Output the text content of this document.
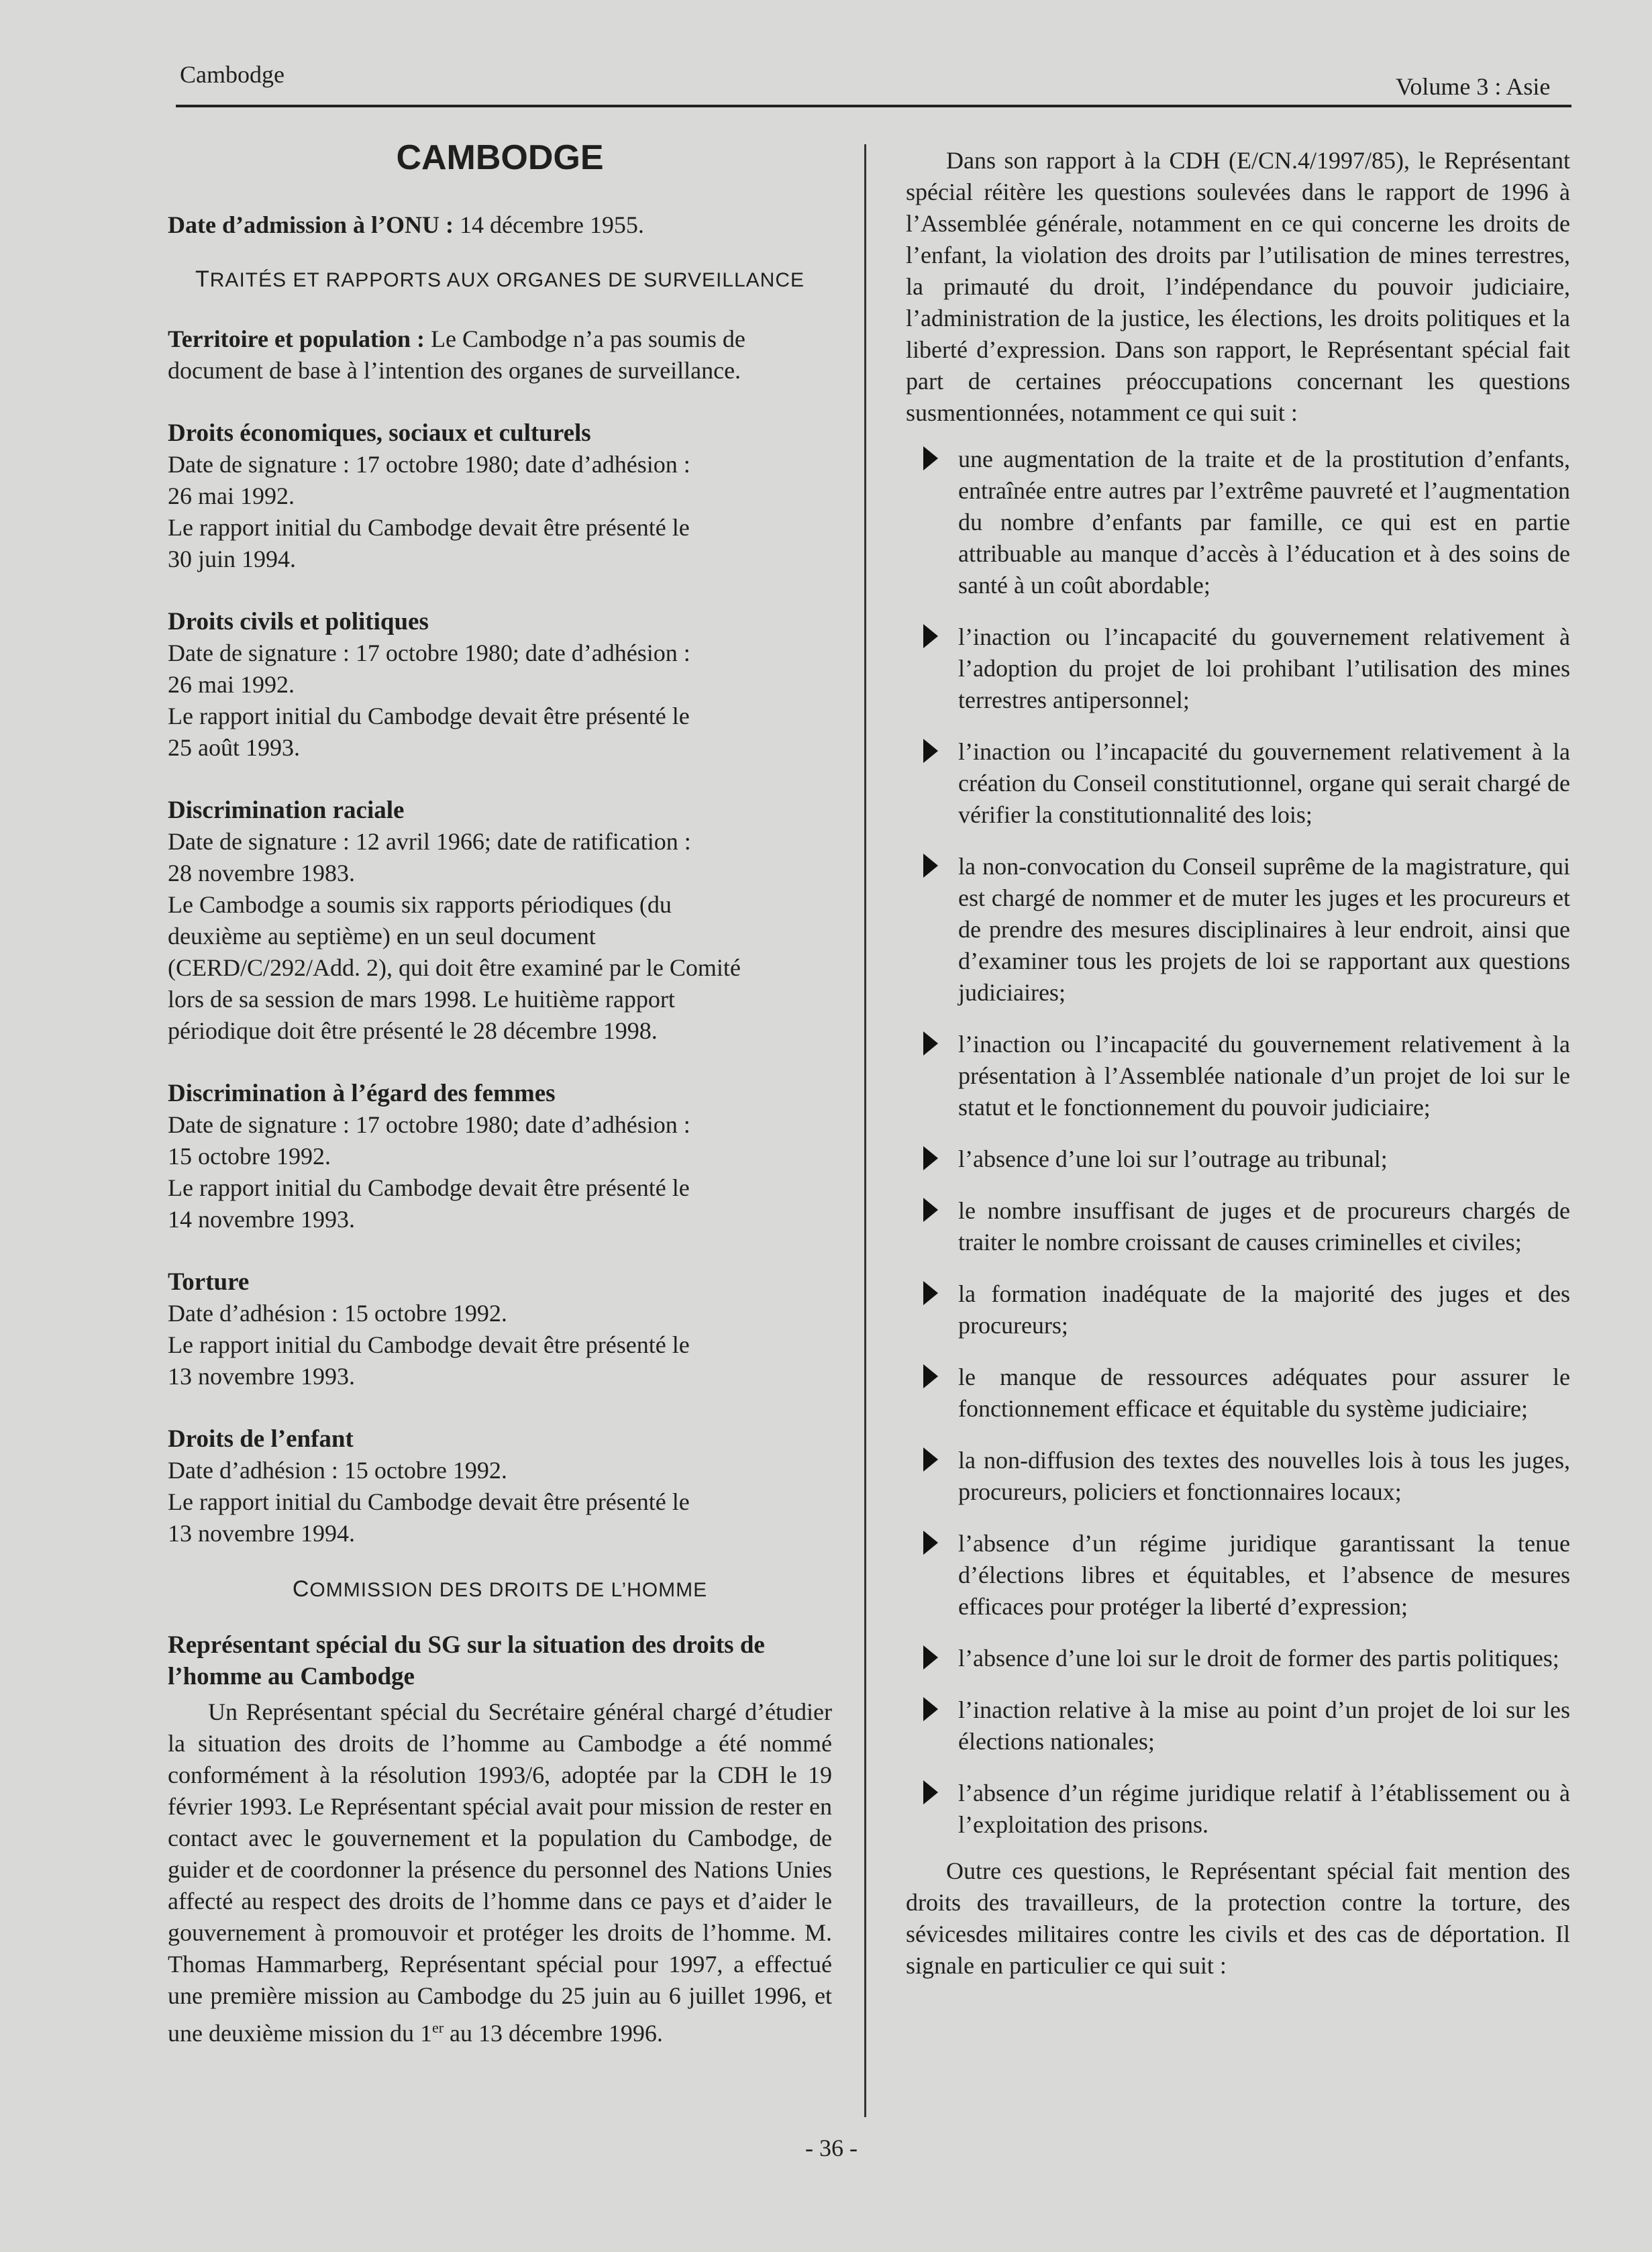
Cambodge	Volume 3 : Asie
CAMBODGE

Date d’admission à l’ONU : 14 décembre 1955.

TRAITÉS ET RAPPORTS AUX ORGANES DE SURVEILLANCE

Territoire et population : Le Cambodge n’a pas soumis de document de base à l’intention des organes de surveillance.

Droits économiques, sociaux et culturels
Date de signature : 17 octobre 1980; date d’adhésion :
26 mai 1992.
Le rapport initial du Cambodge devait être présenté le
30 juin 1994.
Droits civils et politiques
Date de signature : 17 octobre 1980; date d’adhésion :
26 mai 1992.
Le rapport initial du Cambodge devait être présenté le
25 août 1993.
Discrimination raciale
Date de signature : 12 avril 1966; date de ratification :
28 novembre 1983.
Le Cambodge a soumis six rapports périodiques (du
deuxième au septième) en un seul document
(CERD/C/292/Add. 2), qui doit être examiné par le Comité
lors de sa session de mars 1998. Le huitième rapport
périodique doit être présenté le 28 décembre 1998.
Discrimination à l’égard des femmes
Date de signature : 17 octobre 1980; date d’adhésion :
15 octobre 1992.
Le rapport initial du Cambodge devait être présenté le
14 novembre 1993.
Torture
Date d’adhésion : 15 octobre 1992.
Le rapport initial du Cambodge devait être présenté le
13 novembre 1993.
Droits de l’enfant
Date d’adhésion : 15 octobre 1992.
Le rapport initial du Cambodge devait être présenté le
13 novembre 1994.
COMMISSION DES DROITS DE L’HOMME
Représentant spécial du SG sur la situation des droits de l’homme au Cambodge

Un Représentant spécial du Secrétaire général chargé d’étudier la situation des droits de l’homme au Cambodge a été nommé conformément à la résolution 1993/6, adoptée par la CDH le 19 février 1993. Le Représentant spécial avait pour mission de rester en contact avec le gouvernement et la population du Cambodge, de guider et de coordonner la présence du personnel des Nations Unies affecté au respect des droits de l’homme dans ce pays et d’aider le gouvernement à promouvoir et protéger les droits de l’homme. M. Thomas Hammarberg, Représentant spécial pour 1997, a effectué une première mission au Cambodge du 25 juin au 6 juillet 1996, et une deuxième mission du 1er au 13 décembre 1996.

Dans son rapport à la CDH (E/CN.4/1997/85), le Représentant spécial réitère les questions soulevées dans le rapport de 1996 à l’Assemblée générale, notamment en ce qui concerne les droits de l’enfant, la violation des droits par l’utilisation de mines terrestres, la primauté du droit, l’indépendance du pouvoir judiciaire, l’administration de la justice, les élections, les droits politiques et la liberté d’expression. Dans son rapport, le Représentant spécial fait part de certaines préoccupations concernant les questions susmentionnées, notamment ce qui suit :

une augmentation de la traite et de la prostitution d’enfants, entraînée entre autres par l’extrême pauvreté et l’augmentation du nombre d’enfants par famille, ce qui est en partie attribuable au manque d’accès à l’éducation et à des soins de santé à un coût abordable;
l’inaction ou l’incapacité du gouvernement relativement à l’adoption du projet de loi prohibant l’utilisation des mines terrestres antipersonnel;
l’inaction ou l’incapacité du gouvernement relativement à la création du Conseil constitutionnel, organe qui serait chargé de vérifier la constitutionnalité des lois;
la non-convocation du Conseil suprême de la magistrature, qui est chargé de nommer et de muter les juges et les procureurs et de prendre des mesures disciplinaires à leur endroit, ainsi que d’examiner tous les projets de loi se rapportant aux questions judiciaires;
l’inaction ou l’incapacité du gouvernement relativement à la présentation à l’Assemblée nationale d’un projet de loi sur le statut et le fonctionnement du pouvoir judiciaire;
l’absence d’une loi sur l’outrage au tribunal;
le nombre insuffisant de juges et de procureurs chargés de traiter le nombre croissant de causes criminelles et civiles;
la formation inadéquate de la majorité des juges et des procureurs;
le manque de ressources adéquates pour assurer le fonctionnement efficace et équitable du système judiciaire;
la non-diffusion des textes des nouvelles lois à tous les juges, procureurs, policiers et fonctionnaires locaux;
l’absence d’un régime juridique garantissant la tenue d’élections libres et équitables, et l’absence de mesures efficaces pour protéger la liberté d’expression;
l’absence d’une loi sur le droit de former des partis politiques;
l’inaction relative à la mise au point d’un projet de loi sur les élections nationales;
l’absence d’un régime juridique relatif à l’établissement ou à l’exploitation des prisons.

Outre ces questions, le Représentant spécial fait mention des droits des travailleurs, de la protection contre la torture, des sévicesdes militaires contre les civils et des cas de déportation. Il signale en particulier ce qui suit :

- 36 -
